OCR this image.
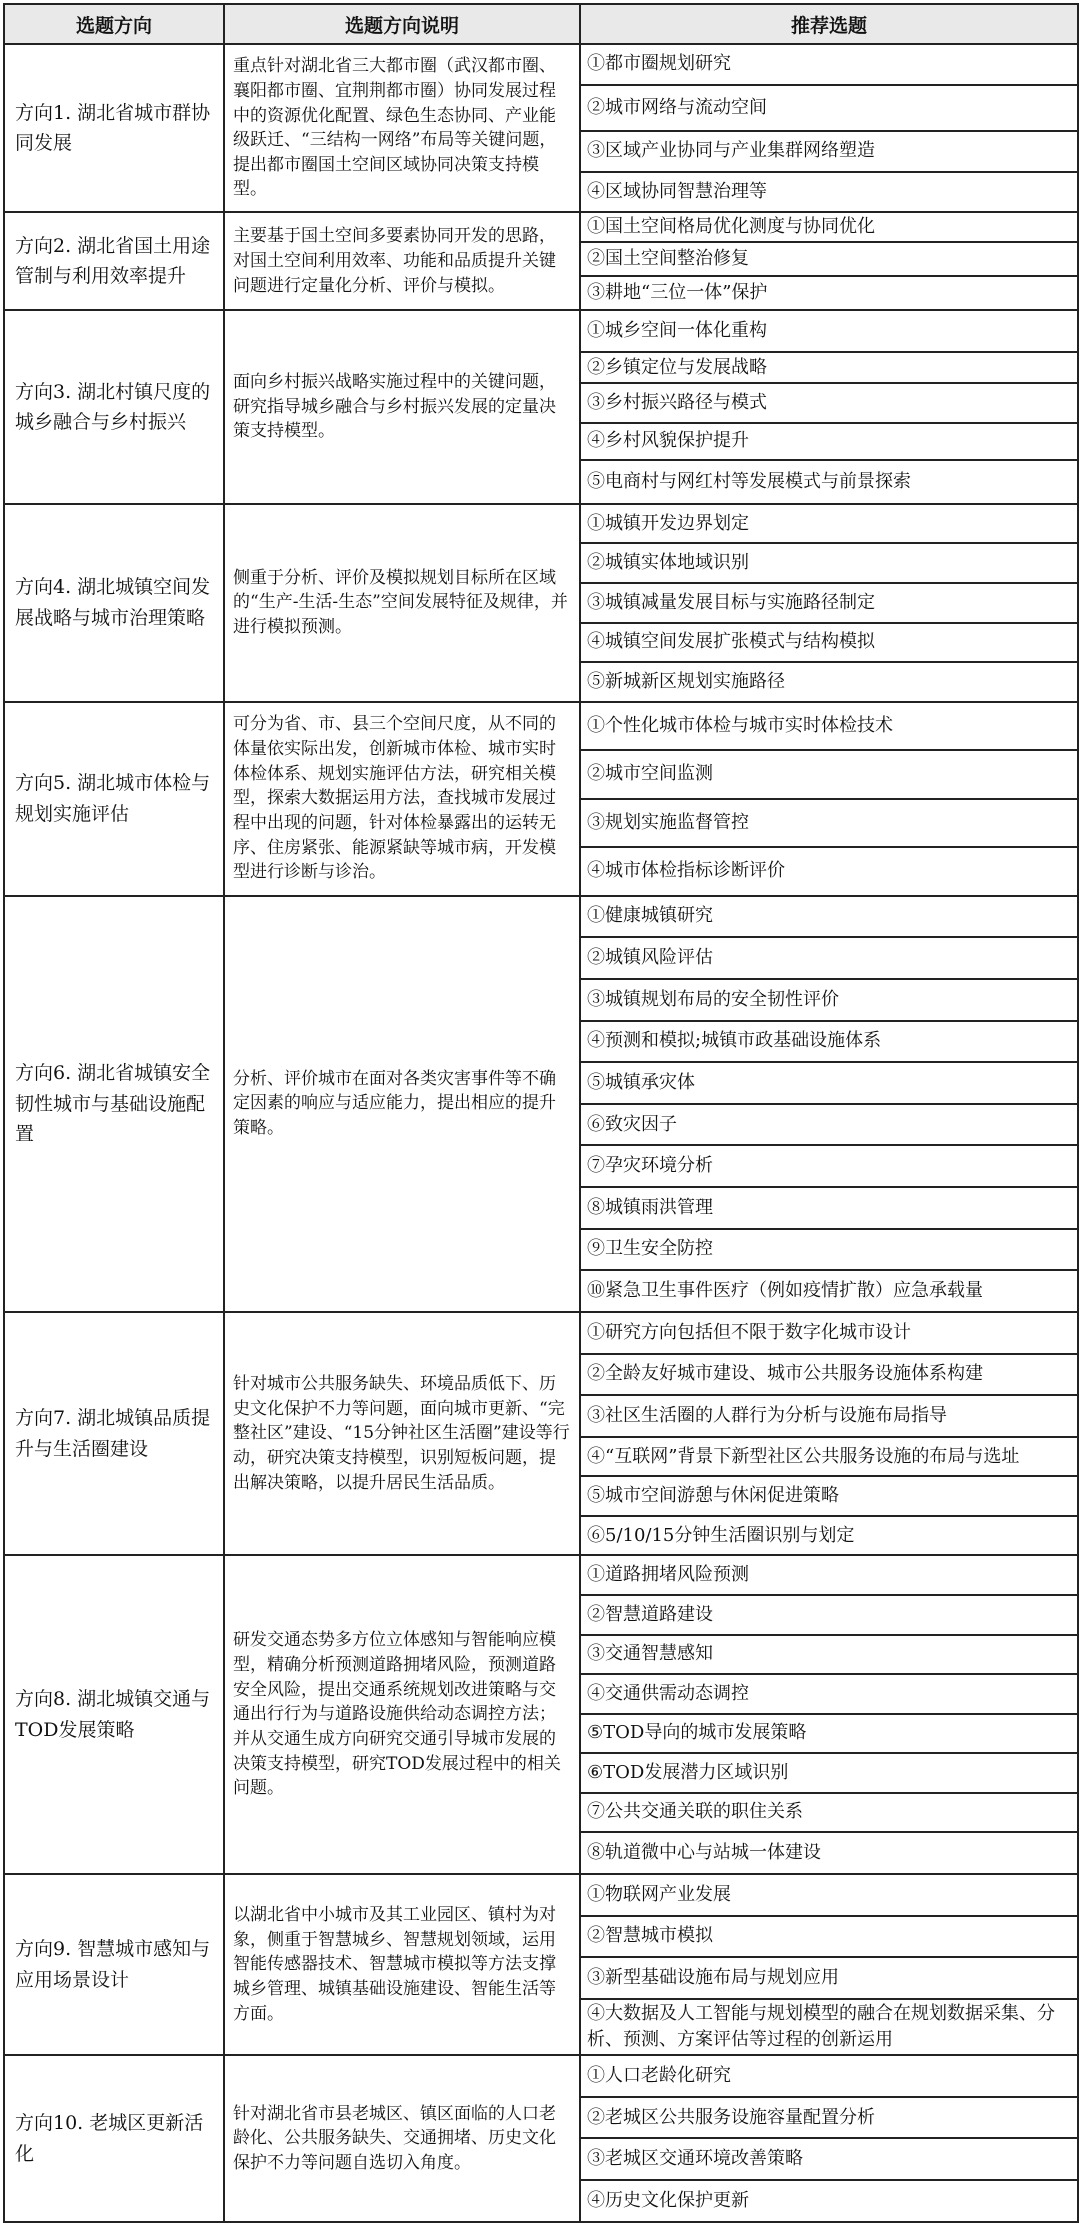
选题方向	选题方向说明	推荐选题
方向1. 湖北省城市群协同发展	重点针对湖北省三大都市圈（武汉都市圈、襄阳都市圈、宜荆荆都市圈）协同发展过程中的资源优化配置、绿色生态协同、产业能级跃迁、“三结构一网络”布局等关键问题，提出都市圈国土空间区域协同决策支持模型。	①都市圈规划研究
		②城市网络与流动空间
		③区域产业协同与产业集群网络塑造
		④区域协同智慧治理等
方向2. 湖北省国土用途管制与利用效率提升	主要基于国土空间多要素协同开发的思路，对国土空间利用效率、功能和品质提升关键问题进行定量化分析、评价与模拟。	①国土空间格局优化测度与协同优化
		②国土空间整治修复
		③耕地“三位一体”保护
方向3. 湖北村镇尺度的城乡融合与乡村振兴	面向乡村振兴战略实施过程中的关键问题，研究指导城乡融合与乡村振兴发展的定量决策支持模型。	①城乡空间一体化重构
		②乡镇定位与发展战略
		③乡村振兴路径与模式
		④乡村风貌保护提升
		⑤电商村与网红村等发展模式与前景探索
方向4. 湖北城镇空间发展战略与城市治理策略	侧重于分析、评价及模拟规划目标所在区域的“生产-生活-生态”空间发展特征及规律，并进行模拟预测。	①城镇开发边界划定
		②城镇实体地域识别
		③城镇减量发展目标与实施路径制定
		④城镇空间发展扩张模式与结构模拟
		⑤新城新区规划实施路径
方向5. 湖北城市体检与规划实施评估	可分为省、市、县三个空间尺度，从不同的体量依实际出发，创新城市体检、城市实时体检体系、规划实施评估方法，研究相关模型，探索大数据运用方法，查找城市发展过程中出现的问题，针对体检暴露出的运转无序、住房紧张、能源紧缺等城市病，开发模型进行诊断与诊治。	①个性化城市体检与城市实时体检技术
		②城市空间监测
		③规划实施监督管控
		④城市体检指标诊断评价
方向6. 湖北省城镇安全韧性城市与基础设施配置	分析、评价城市在面对各类灾害事件等不确定因素的响应与适应能力，提出相应的提升策略。	①健康城镇研究
		②城镇风险评估
		③城镇规划布局的安全韧性评价
		④预测和模拟;城镇市政基础设施体系
		⑤城镇承灾体
		⑥致灾因子
		⑦孕灾环境分析
		⑧城镇雨洪管理
		⑨卫生安全防控
		⑩紧急卫生事件医疗（例如疫情扩散）应急承载量
方向7. 湖北城镇品质提升与生活圈建设	针对城市公共服务缺失、环境品质低下、历史文化保护不力等问题，面向城市更新、“完整社区”建设、“15分钟社区生活圈”建设等行动，研究决策支持模型，识别短板问题，提出解决策略，以提升居民生活品质。	①研究方向包括但不限于数字化城市设计
		②全龄友好城市建设、城市公共服务设施体系构建
		③社区生活圈的人群行为分析与设施布局指导
		④“互联网”背景下新型社区公共服务设施的布局与选址
		⑤城市空间游憩与休闲促进策略
		⑥5/10/15分钟生活圈识别与划定
方向8. 湖北城镇交通与TOD发展策略	研发交通态势多方位立体感知与智能响应模型，精确分析预测道路拥堵风险，预测道路安全风险，提出交通系统规划改进策略与交通出行行为与道路设施供给动态调控方法；并从交通生成方向研究交通引导城市发展的决策支持模型，研究TOD发展过程中的相关问题。	①道路拥堵风险预测
		②智慧道路建设
		③交通智慧感知
		④交通供需动态调控
		⑤TOD导向的城市发展策略
		⑥TOD发展潜力区域识别
		⑦公共交通关联的职住关系
		⑧轨道微中心与站城一体建设
方向9. 智慧城市感知与应用场景设计	以湖北省中小城市及其工业园区、镇村为对象，侧重于智慧城乡、智慧规划领域，运用智能传感器技术、智慧城市模拟等方法支撑城乡管理、城镇基础设施建设、智能生活等方面。	①物联网产业发展
		②智慧城市模拟
		③新型基础设施布局与规划应用
		④大数据及人工智能与规划模型的融合在规划数据采集、分析、预测、方案评估等过程的创新运用
方向10. 老城区更新活化	针对湖北省市县老城区、镇区面临的人口老龄化、公共服务缺失、交通拥堵、历史文化保护不力等问题自选切入角度。	①人口老龄化研究
		②老城区公共服务设施容量配置分析
		③老城区交通环境改善策略
		④历史文化保护更新
